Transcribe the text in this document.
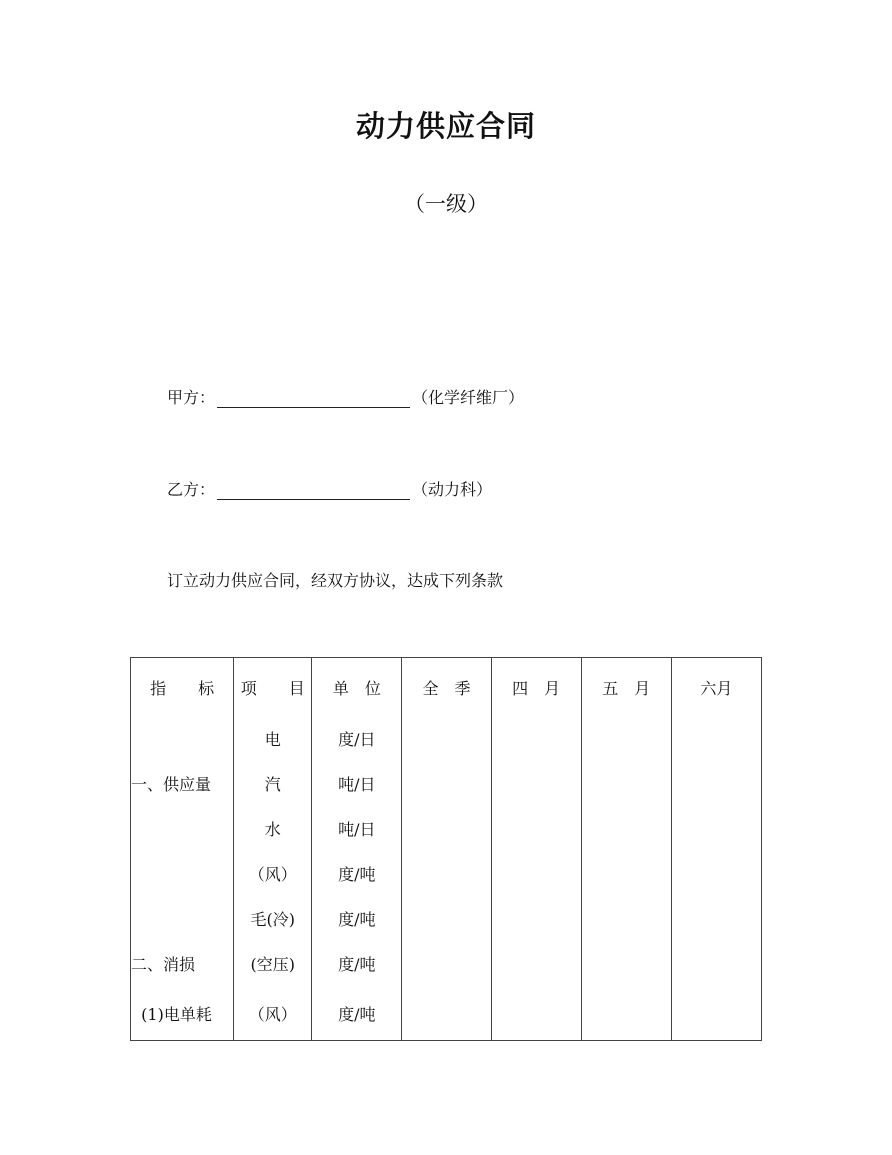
动力供应合同
（一级）
甲方：	（化学纤维厂）
乙方：	（动力科）
订立动力供应合同，经双方协议，达成下列条款
指　　标	项　　目	单　位	全　季	四　月	五　月	六月
	电	度/日				
一、供应量	汽	吨/日				
	水	吨/日				
	（风）	度/吨				
	毛(冷)	度/吨				
二、消损	(空压)	度/吨				
(1)电单耗	（风）	度/吨				
